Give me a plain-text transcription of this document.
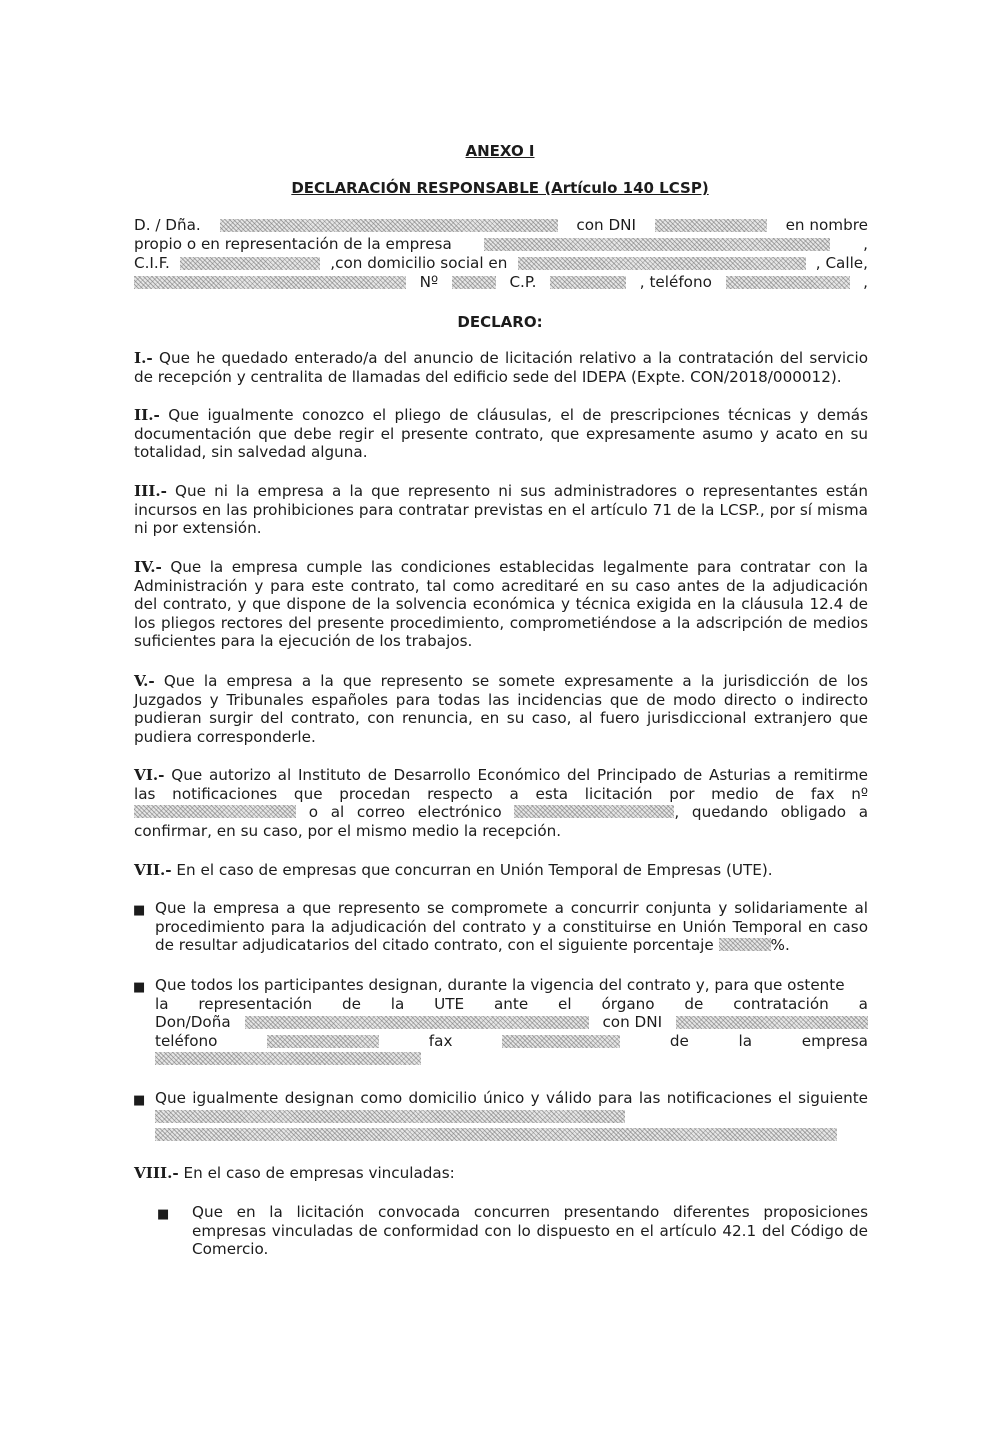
ANEXO I
DECLARACIÓN RESPONSABLE (Artículo 140 LCSP)
D. / Dña.	con DNI	en nombre
propio o en representación de la empresa	,
C.I.F.	,con domicilio social en	, Calle,
Nº	C.P.	, teléfono	,
DECLARO:

I.- Que he quedado enterado/a del anuncio de licitación relativo a la contratación del servicio de recepción y centralita de llamadas del edificio sede del IDEPA (Expte. CON/2018/000012).

II.- Que igualmente conozco el pliego de cláusulas, el de prescripciones técnicas y demás documentación que debe regir el presente contrato, que expresamente asumo y acato en su totalidad, sin salvedad alguna.

III.- Que ni la empresa a la que represento ni sus administradores o representantes están incursos en las prohibiciones para contratar previstas en el artículo 71 de la LCSP., por sí misma ni por extensión.

IV.- Que la empresa cumple las condiciones establecidas legalmente para contratar con la Administración y para este contrato, tal como acreditaré en su caso antes de la adjudicación del contrato, y que dispone de la solvencia económica y técnica exigida en la cláusula 12.4 de los pliegos rectores del presente procedimiento, comprometiéndose a la adscripción de medios suficientes para la ejecución de los trabajos.

V.- Que la empresa a la que represento se somete expresamente a la jurisdicción de los Juzgados y Tribunales españoles para todas las incidencias que de modo directo o indirecto pudieran surgir del contrato, con renuncia, en su caso, al fuero jurisdiccional extranjero que pudiera corresponderle.

VI.- Que autorizo al Instituto de Desarrollo Económico del Principado de Asturias a remitirme las notificaciones que procedan respecto a esta licitación por medio de fax nº  o al correo electrónico	, quedando obligado a confirmar, en su caso, por el mismo medio la recepción.

VII.- En el caso de empresas que concurran en Unión Temporal de Empresas (UTE).

■ Que la empresa a que represento se compromete a concurrir conjunta y solidariamente al procedimiento para la adjudicación del contrato y a constituirse en Unión Temporal en caso de resultar adjudicatarios del citado contrato, con el siguiente porcentaje	%.

■ Que todos los participantes designan, durante la vigencia del contrato y, para que ostente
la representación de la UTE ante el órgano de contratación a
Don/Doña	con DNI
teléfono	fax	de	la	empresa
■ Que igualmente designan como domicilio único y válido para las notificaciones el siguiente

VIII.- En el caso de empresas vinculadas:

■ Que en la licitación convocada concurren presentando diferentes proposiciones empresas vinculadas de conformidad con lo dispuesto en el artículo 42.1 del Código de Comercio.
